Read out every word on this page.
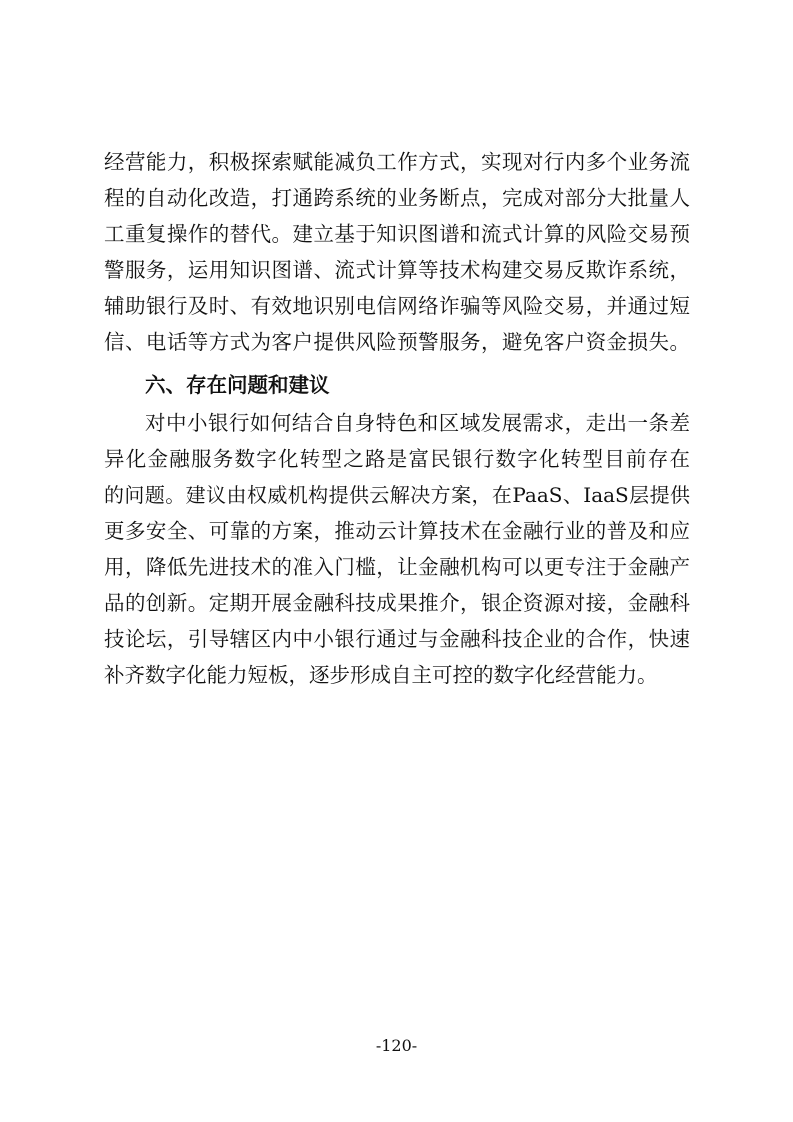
经营能力，积极探索赋能减负工作方式，实现对行内多个业务流
程的自动化改造，打通跨系统的业务断点，完成对部分大批量人
工重复操作的替代。建立基于知识图谱和流式计算的风险交易预
警服务，运用知识图谱、流式计算等技术构建交易反欺诈系统，
辅助银行及时、有效地识别电信网络诈骗等风险交易，并通过短
信、电话等方式为客户提供风险预警服务，避免客户资金损失。
六、存在问题和建议
对中小银行如何结合自身特色和区域发展需求，走出一条差
异化金融服务数字化转型之路是富民银行数字化转型目前存在
的问题。建议由权威机构提供云解决方案，在PaaS、IaaS层提供
更多安全、可靠的方案，推动云计算技术在金融行业的普及和应
用，降低先进技术的准入门槛，让金融机构可以更专注于金融产
品的创新。定期开展金融科技成果推介，银企资源对接，金融科
技论坛，引导辖区内中小银行通过与金融科技企业的合作，快速
补齐数字化能力短板，逐步形成自主可控的数字化经营能力。
-120-
